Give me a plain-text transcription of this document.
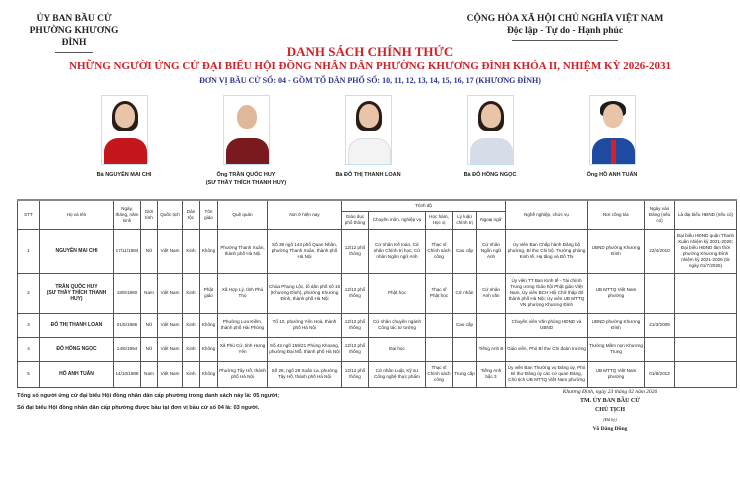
ỦY BAN BẦU CỬ
PHƯỜNG KHƯƠNG ĐÌNH
CỘNG HÒA XÃ HỘI CHỦ NGHĨA VIỆT NAM
Độc lập - Tự do - Hạnh phúc
DANH SÁCH CHÍNH THỨC
NHỮNG NGƯỜI ỨNG CỬ ĐẠI BIỂU HỘI ĐỒNG NHÂN DÂN PHƯỜNG KHƯƠNG ĐÌNH KHÓA II, NHIỆM KỲ 2026-2031
ĐƠN VỊ BẦU CỬ SỐ: 04 - GỒM TỔ DÂN PHỐ SỐ: 10, 11, 12, 13, 14, 15, 16, 17 (KHƯƠNG ĐÌNH)
Bà NGUYỄN MAI CHI	Ông TRẦN QUỐC HUY
(SƯ THẦY THÍCH THANH HUY)
Bà ĐỖ THỊ THANH LOAN	Bà ĐỖ HỒNG NGỌC	Ông HỒ ANH TUẤN
STT	Họ và tên	Ngày, tháng, năm sinh	Giới tính	Quốc tịch	Dân tộc	Tôn giáo	Quê quán	Nơi ở hiện nay	Trình độ					Nghề nghiệp, chức vụ	Nơi công tác	Ngày vào Đảng (nếu có)	Là đại biểu HĐND (nếu có)
									Giáo dục phổ thông	Chuyên môn, nghiệp vụ	Học hàm, Học vị	Lý luận chính trị	Ngoại ngữ				
1	NGUYỄN MAI CHI	17/11/1984	Nữ	Việt Nam	Kinh	Không	Phường Thanh Xuân, thành phố Hà Nội	Số 39 ngõ 144 phố Quan Nhân, phường Thanh Xuân, thành phố Hà Nội	12/12 phổ thông	Cử nhân Kế toán, Cử nhân Chính trị học, Cử nhân Ngôn ngữ Anh	Thạc sĩ Chính sách công	Cao cấp	Cử nhân Ngôn ngữ Anh	Ủy viên Ban Chấp hành Đảng bộ phường, Bí thư Chi bộ, Trưởng phòng Kinh tế, Hạ tầng và Đô Thị	UBND phường Khương Đình	22/4/2010	Đại biểu HĐND quận Thanh Xuân nhiệm kỳ 2021-2026; Đại biểu HĐND lâm thời phường Khương Đình nhiệm kỳ 2021-2026 (từ ngày 01/7/2025)
2	TRẦN QUỐC HUY
(SƯ THẦY THÍCH THANH HUY)	18/9/1980	Nam	Việt Nam	Kinh	Phật giáo	Xã Hợp Lý, tỉnh Phú Thọ	Chùa Phụng Lộc, tổ dân phố số 16 (Khương Đình), phường Khương Đình, thành phố Hà Nội	12/12 phổ thông	Phật học	Thạc sĩ Phật học	Cử nhân	Cử nhân Anh văn	Ủy viên TT Ban Kinh tế - Tài chính Trung ương Giáo hội Phật giáo Việt Nam, Ủy viên BCH Hội Chữ thập đỏ thành phố Hà Nội; Ủy viên UB MTTQ VN phường Khương Đình	UB MTTQ Việt Nam phường		
3	ĐỖ THỊ THANH LOAN	01/5/1986	Nữ	Việt Nam	Kinh	Không	Phường Lưu Kiếm, thành phố Hải Phòng	Tổ 10, phường Yên Hoà, thành phố Hà Nội	12/12 phổ thông	Cử nhân chuyên ngành Công tác tư tưởng		Cao cấp		Chuyên viên Văn phòng HĐND và UBND	UBND phường Khương Đình	21/3/2009	
4	ĐỖ HỒNG NGỌC	14/6/1994	Nữ	Việt Nam	Kinh	Không	Xã Phù Cừ, tỉnh Hưng Yên	Số 42 ngõ 159/21 Phùng Khoang, phường Đại Mỗ, thành phố Hà Nội	12/12 phổ thông	Đại học			Tiếng Anh B	Giáo viên, Phó Bí thư Chi đoàn trường	Trường Mầm non Khương Trung		
5	HỒ ANH TUẤN	14/10/1988	Nam	Việt Nam	Kinh	Không	Phường Tây Hồ, thành phố Hà Nội	Số 28, ngõ 28 Xuân La, phường Tây Hồ, thành phố Hà Nội	12/12 phổ thông	Cử nhân Luật, Kỹ sư Công nghệ thực phẩm	Thạc sĩ Chính sách công	Trung cấp	Tiếng Anh bậc 3	Ủy viên Ban Thường vụ Đảng ủy, Phó Bí thư Đảng ủy các cơ quan Đảng, Chủ tịch UB MTTQ Việt Nam phường	UB MTTQ Việt Nam phường	01/8/2013	
Tổng số người ứng cử đại biểu Hội đồng nhân dân cấp phường trong danh sách này là: 05 người;
Số đại biểu Hội đồng nhân dân cấp phường được bầu tại đơn vị bầu cử số 04 là: 03 người.
Khương Đình, ngày 23 tháng 02 năm 2026
TM. ỦY BAN BẦU CỬ
CHỦ TỊCH
(Đã ký)
Võ Đăng Dũng
